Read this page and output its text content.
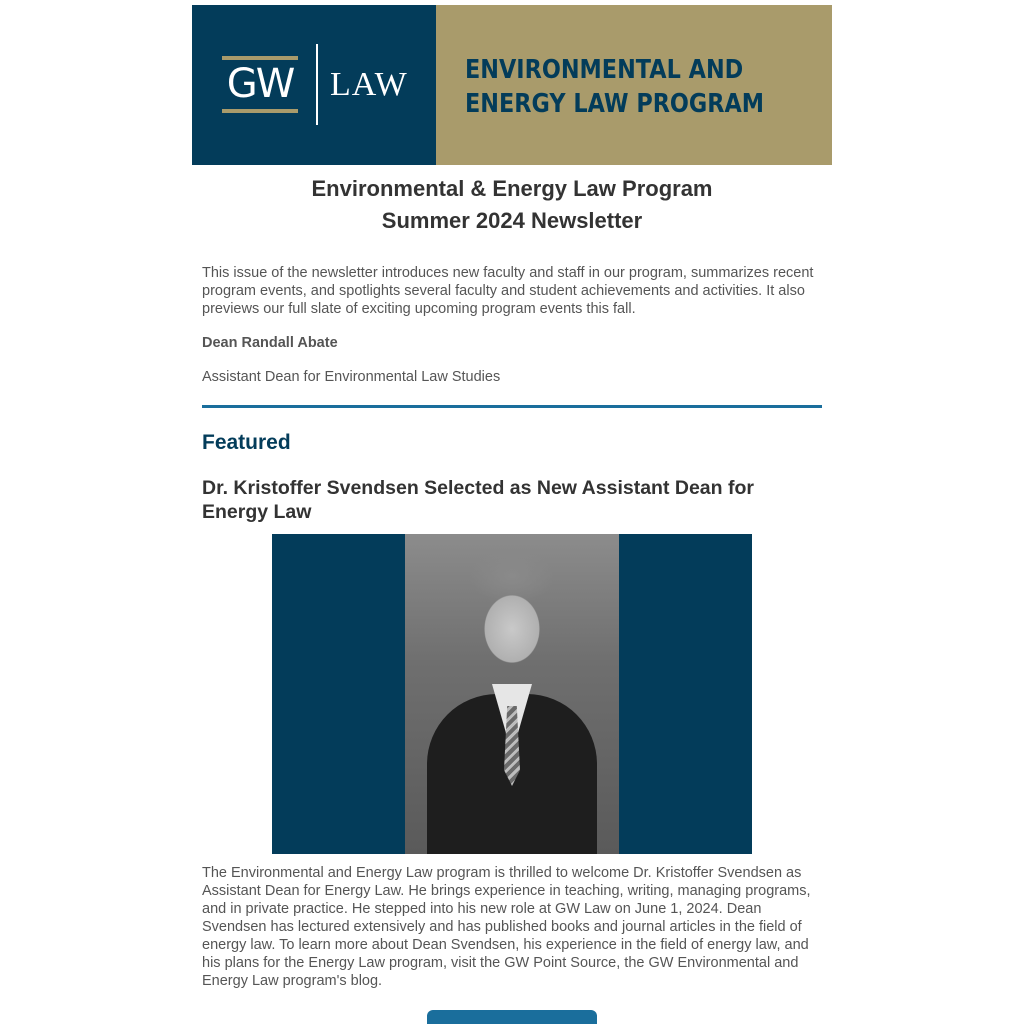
GW LAW ENVIRONMENTAL AND
ENERGY LAW PROGRAM
Environmental & Energy Law Program
Summer 2024 Newsletter
This issue of the newsletter introduces new faculty and staff in our program, summarizes recent program events, and spotlights several faculty and student achievements and activities. It also previews our full slate of exciting upcoming program events this fall.
Dean Randall Abate
Assistant Dean for Environmental Law Studies
Featured
Dr. Kristoffer Svendsen Selected as New Assistant Dean for Energy Law
The Environmental and Energy Law program is thrilled to welcome Dr. Kristoffer Svendsen as Assistant Dean for Energy Law. He brings experience in teaching, writing, managing programs, and in private practice. He stepped into his new role at GW Law on June 1, 2024. Dean Svendsen has lectured extensively and has published books and journal articles in the field of energy law. To learn more about Dean Svendsen, his experience in the field of energy law, and his plans for the Energy Law program, visit the GW Point Source, the GW Environmental and Energy Law program's blog.
